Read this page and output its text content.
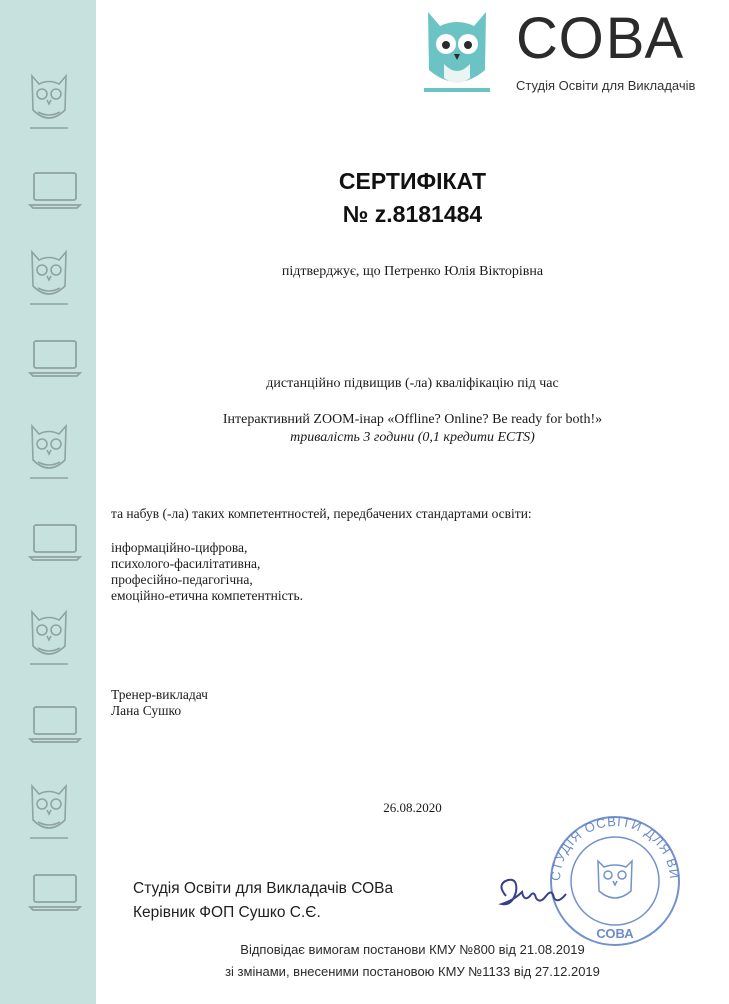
СОВА
Студія Освіти для Викладачів
СЕРТИФІКАТ
№ z.8181484
підтверджує, що Петренко Юлія Вікторівна
дистанційно підвищив (-ла) кваліфікацію під час
Інтерактивний ZOOM-інар «Offline? Online? Be ready for both!»
тривалість 3 години (0,1 кредити ECTS)
та набув (-ла) таких компетентностей, передбачених стандартами освіти:
інформаційно-цифрова,
психолого-фасилітативна,
професійно-педагогічна,
емоційно-етична компетентність.
Тренер-викладач
Лана Сушко
26.08.2020
Студія Освіти для Викладачів СОВа
Керівник ФОП Сушко С.Є.
Відповідає вимогам постанови КМУ №800 від 21.08.2019
зі змінами, внесеними постановою КМУ №1133 від 27.12.2019
СТУДІЯ ОСВІТИ ДЛЯ ВИ
СОВА
